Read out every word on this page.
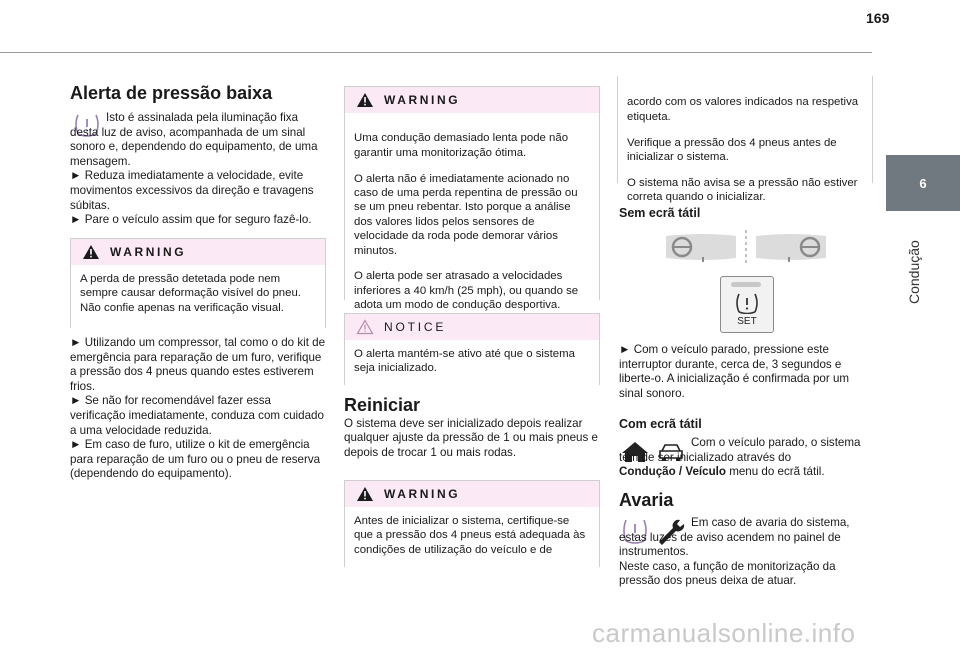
169
6
Condução
Alerta de pressão baixa

Isto é assinalada pela iluminação fixa desta luz de aviso, acompanhada de um sinal sonoro e, dependendo do equipamento, de uma mensagem.

► Reduza imediatamente a velocidade, evite movimentos excessivos da direção e travagens súbitas.

► Pare o veículo assim que for seguro fazê-lo.

WARNING
A perda de pressão detetada pode nem sempre causar deformação visível do pneu. Não confie apenas na verificação visual.

► Utilizando um compressor, tal como o do kit de emergência para reparação de um furo, verifique a pressão dos 4 pneus quando estes estiverem frios.

► Se não for recomendável fazer essa verificação imediatamente, conduza com cuidado a uma velocidade reduzida.

► Em caso de furo, utilize o kit de emergência para reparação de um furo ou o pneu de reserva (dependendo do equipamento).

WARNING

Uma condução demasiado lenta pode não garantir uma monitorização ótima.

O alerta não é imediatamente acionado no caso de uma perda repentina de pressão ou se um pneu rebentar. Isto porque a análise dos valores lidos pelos sensores de velocidade da roda pode demorar vários minutos.

O alerta pode ser atrasado a velocidades inferiores a 40 km/h (25 mph), ou quando se adota um modo de condução desportiva.

NOTICE
O alerta mantém-se ativo até que o sistema seja inicializado.
Reiniciar

O sistema deve ser inicializado depois realizar qualquer ajuste da pressão de 1 ou mais pneus e depois de trocar 1 ou mais rodas.

WARNING
Antes de inicializar o sistema, certifique-se que a pressão dos 4 pneus está adequada às condições de utilização do veículo e de

acordo com os valores indicados na respetiva etiqueta.

Verifique a pressão dos 4 pneus antes de inicializar o sistema.

O sistema não avisa se a pressão não estiver correta quando o inicializar.

Sem ecrã tátil
SET

► Com o veículo parado, pressione este interruptor durante, cerca de, 3 segundos e liberte-o. A inicialização é confirmada por um sinal sonoro.

Com ecrã tátil

Com o veículo parado, o sistema tem de ser inicializado através do

Condução / Veículo menu do ecrã tátil.

Avaria

Em caso de avaria do sistema, estas luzes de aviso acendem no painel de instrumentos.

Neste caso, a função de monitorização da pressão dos pneus deixa de atuar.

carmanualsonline.info
